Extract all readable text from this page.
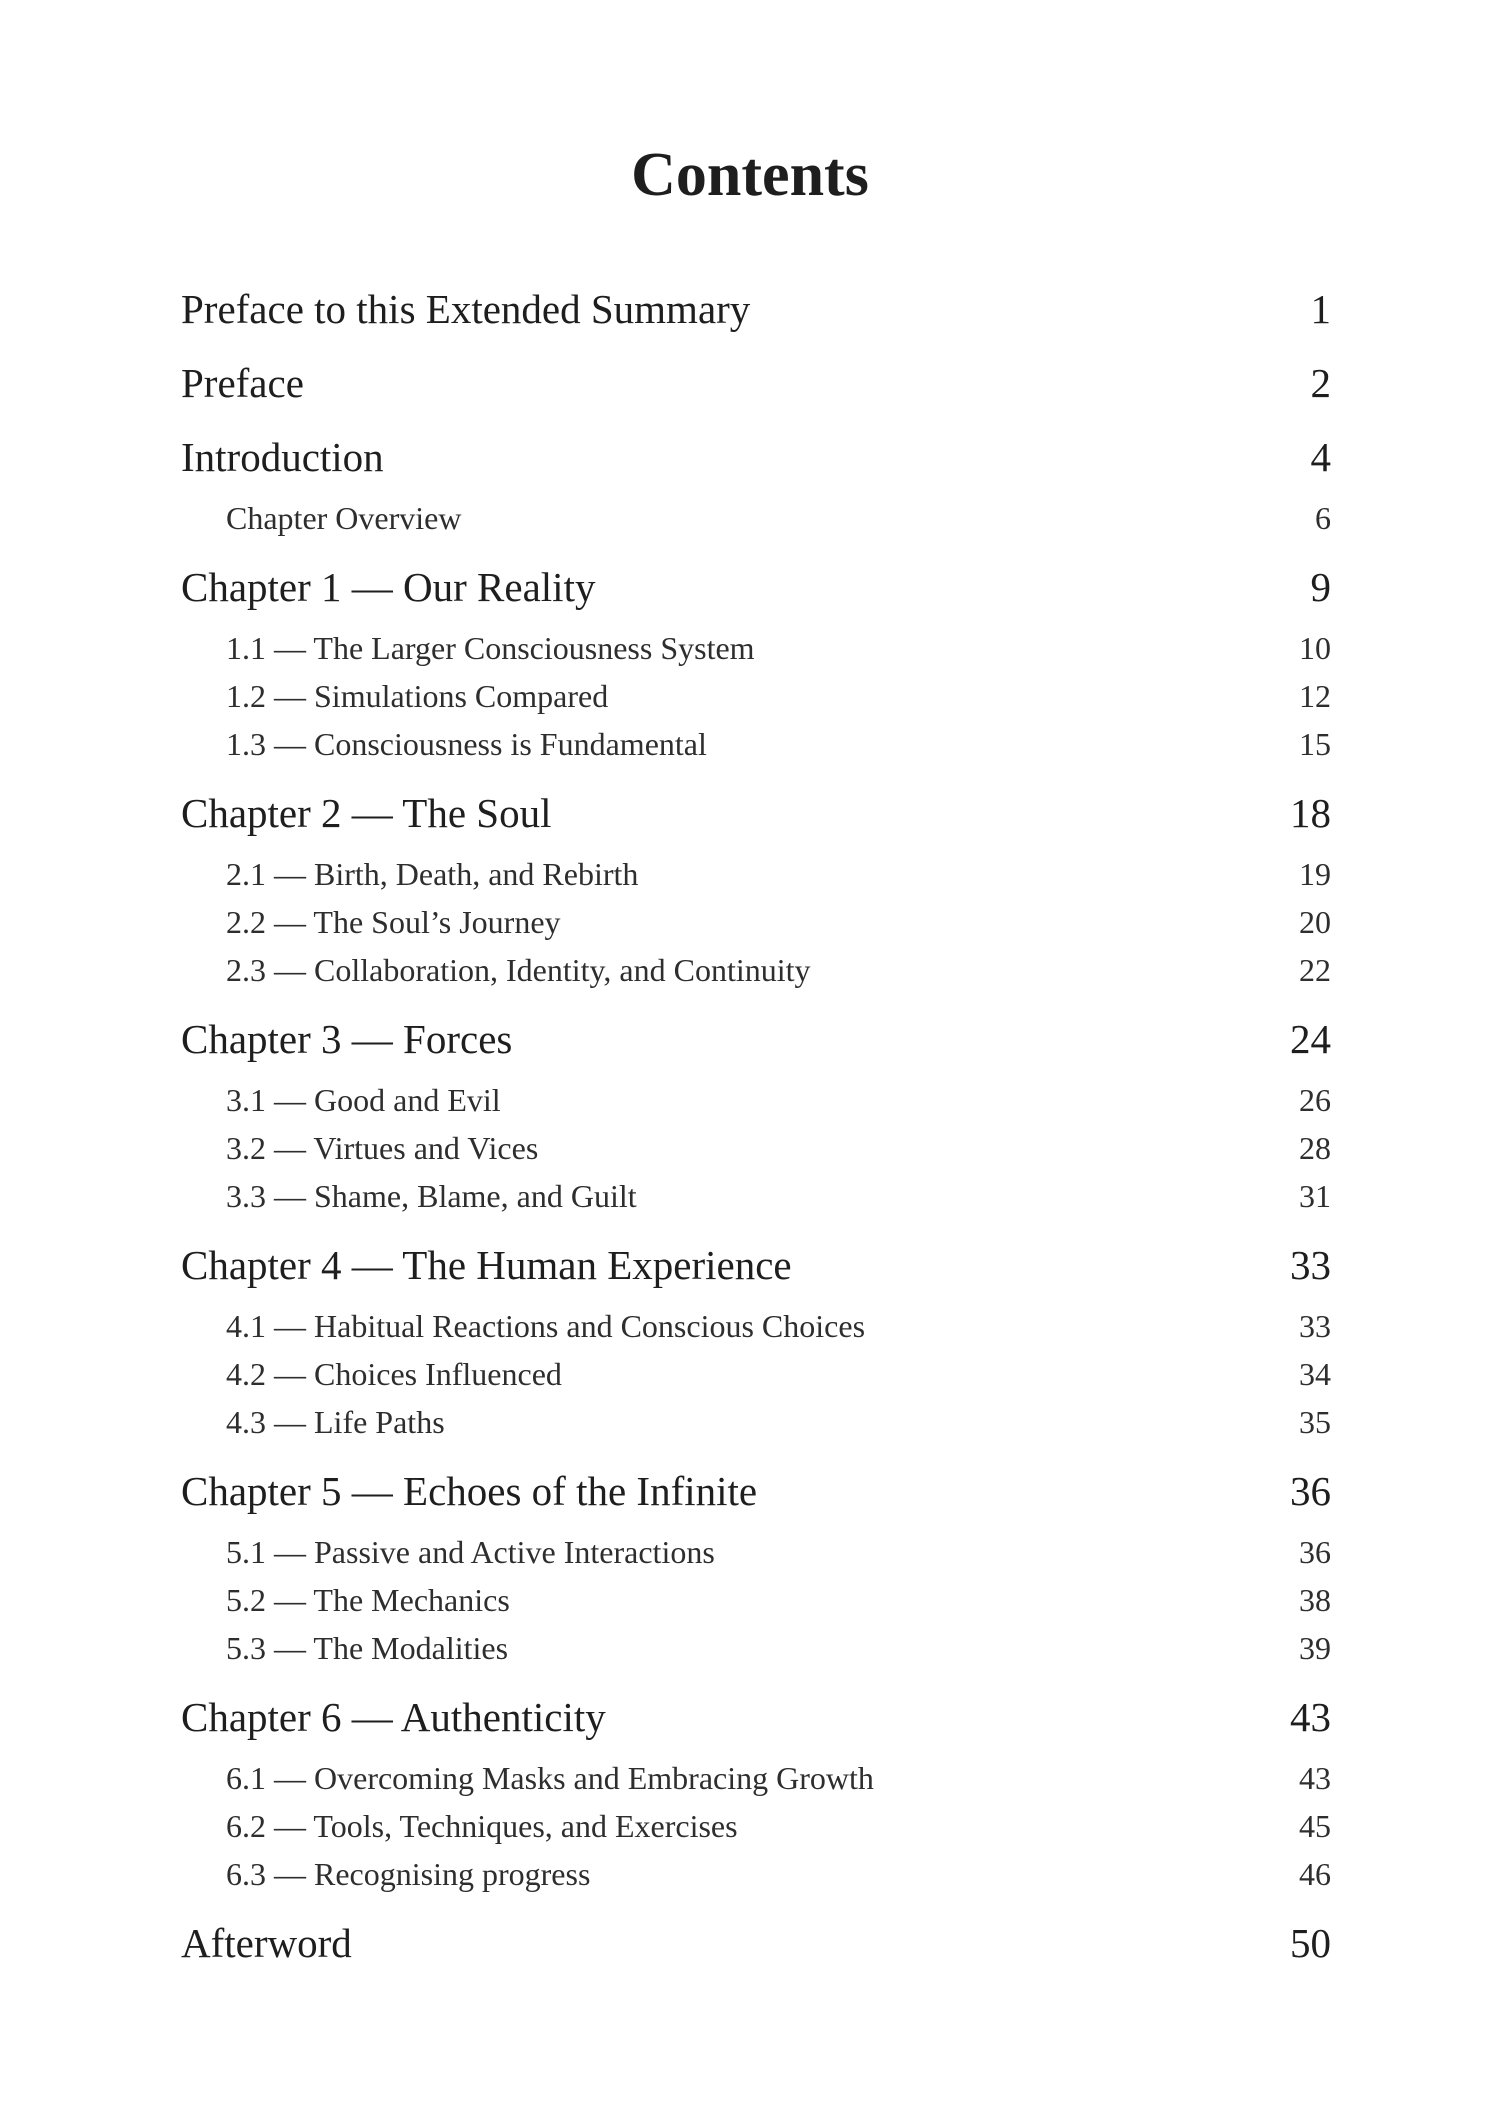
Contents
Preface to this Extended Summary	1
Preface	2
Introduction	4
Chapter Overview	6
Chapter 1 — Our Reality	9
1.1 — The Larger Consciousness System	10
1.2 — Simulations Compared	12
1.3 — Consciousness is Fundamental	15
Chapter 2 — The Soul	18
2.1 — Birth, Death, and Rebirth	19
2.2 — The Soul’s Journey	20
2.3 — Collaboration, Identity, and Continuity	22
Chapter 3 — Forces	24
3.1 — Good and Evil	26
3.2 — Virtues and Vices	28
3.3 — Shame, Blame, and Guilt	31
Chapter 4 — The Human Experience	33
4.1 — Habitual Reactions and Conscious Choices	33
4.2 — Choices Influenced	34
4.3 — Life Paths	35
Chapter 5 — Echoes of the Infinite	36
5.1 — Passive and Active Interactions	36
5.2 — The Mechanics	38
5.3 — The Modalities	39
Chapter 6 — Authenticity	43
6.1 — Overcoming Masks and Embracing Growth	43
6.2 — Tools, Techniques, and Exercises	45
6.3 — Recognising progress	46
Afterword	50
